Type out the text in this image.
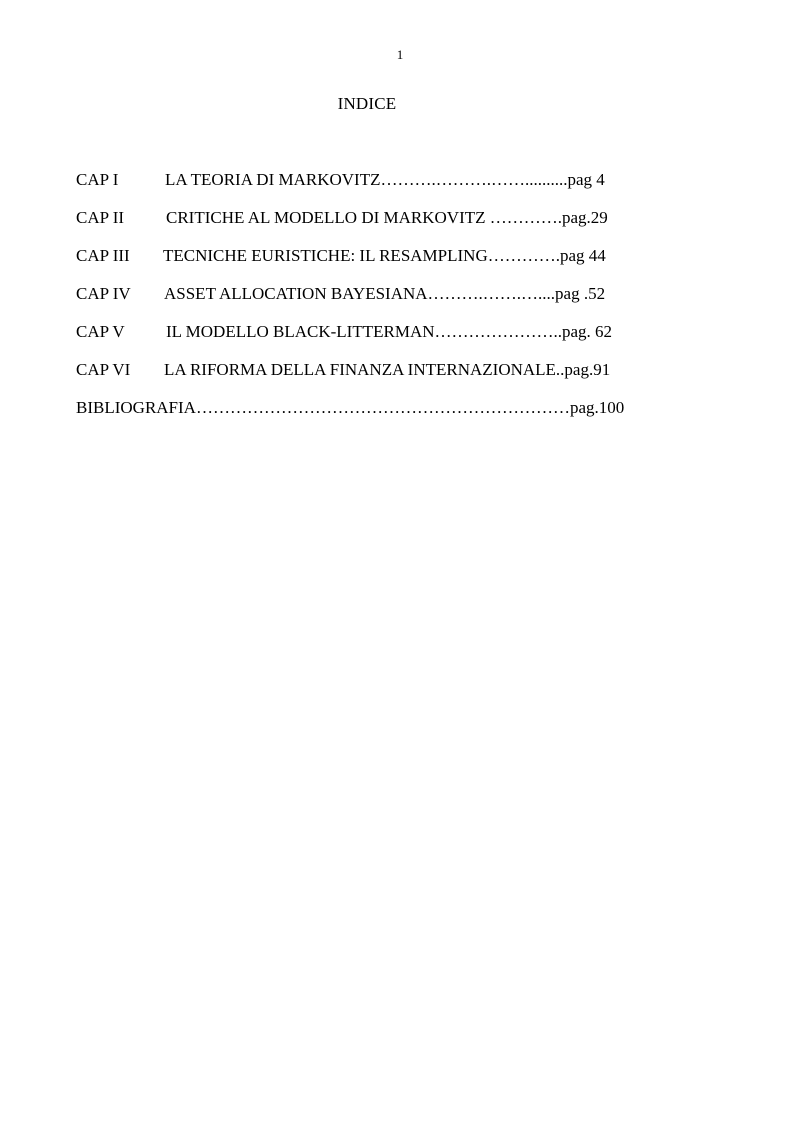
1
INDICE
CAP I	LA TEORIA DI MARKOVITZ……….……….……..........pag 4
CAP II CRITICHE AL MODELLO DI MARKOVITZ ………….pag.29
CAP III TECNICHE EURISTICHE: IL RESAMPLING………….pag 44
CAP IV ASSET ALLOCATION BAYESIANA……….…….…....pag .52
CAP V IL MODELLO BLACK-LITTERMAN…………………..pag. 62
CAP VI LA RIFORMA DELLA FINANZA INTERNAZIONALE..pag.91
BIBLIOGRAFIA…………………………………………………………pag.100
